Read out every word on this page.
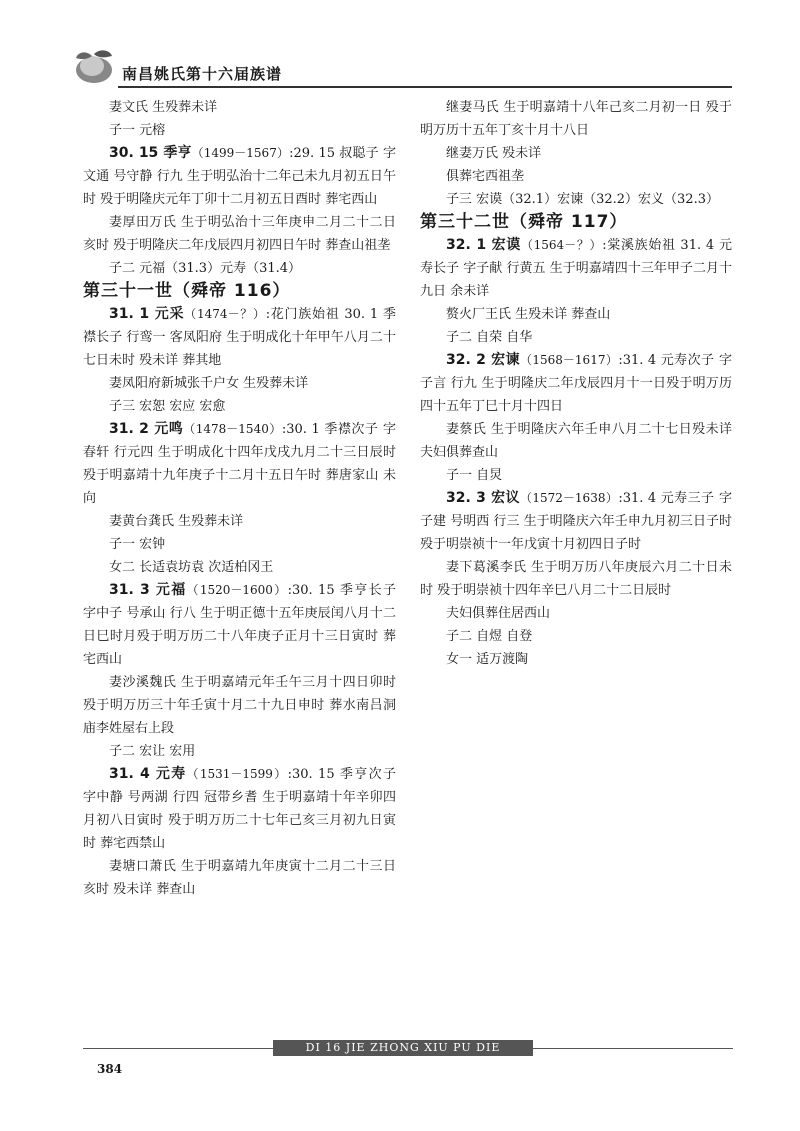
南昌姚氏第十六届族谱

妻文氏 生殁葬未详

子一 元榕

30. 15 季亨（1499－1567）:29. 15 叔聪子 字文通 号守静 行九 生于明弘治十二年己未九月初五日午时 殁于明隆庆元年丁卯十二月初五日酉时 葬宅西山

妻厚田万氏 生于明弘治十三年庚申二月二十二日亥时 殁于明隆庆二年戊辰四月初四日午时 葬查山祖垄

子二 元福（31.3）元寿（31.4）

第三十一世（舜帝 116）

31. 1 元采（1474－？）:花门族始祖 30. 1 季襟长子 行鸾一 客凤阳府 生于明成化十年甲午八月二十七日未时 殁未详 葬其地

妻凤阳府新城张千户女 生殁葬未详

子三 宏恕 宏应 宏愈

31. 2 元鸣（1478－1540）:30. 1 季襟次子 字春轩 行元四 生于明成化十四年戊戌九月二十三日辰时 殁于明嘉靖十九年庚子十二月十五日午时 葬唐家山 未向

妻黄台龚氏 生殁葬未详

子一 宏钟

女二 长适袁坊袁 次适柏冈王

31. 3 元福（1520－1600）:30. 15 季亨长子 字中子 号承山 行八 生于明正德十五年庚辰闰八月十二日巳时月殁于明万历二十八年庚子正月十三日寅时 葬宅西山

妻沙溪魏氏 生于明嘉靖元年壬午三月十四日卯时 殁于明万历三十年壬寅十月二十九日申时 葬水南吕洞庙李姓屋右上段

子二 宏让 宏用

31. 4 元寿（1531－1599）:30. 15 季亨次子 字中静 号两湖 行四 冠带乡耆 生于明嘉靖十年辛卯四月初八日寅时 殁于明万历二十七年己亥三月初九日寅时 葬宅西禁山

妻塘口萧氏 生于明嘉靖九年庚寅十二月二十三日亥时 殁未详 葬查山

继妻马氏 生于明嘉靖十八年己亥二月初一日 殁于明万历十五年丁亥十月十八日

继妻万氏 殁未详

俱葬宅西祖垄

子三 宏谟（32.1）宏谏（32.2）宏义（32.3）

第三十二世（舜帝 117）

32. 1 宏谟（1564－？）:棠溪族始祖 31. 4 元寿长子 字子献 行黄五 生于明嘉靖四十三年甲子二月十九日 余未详

赘火厂王氏 生殁未详 葬查山

子二 自荣 自华

32. 2 宏谏（1568－1617）:31. 4 元寿次子 字子言 行九 生于明隆庆二年戊辰四月十一日殁于明万历四十五年丁巳十月十四日

妻蔡氏 生于明隆庆六年壬申八月二十七日殁未详 夫妇俱葬查山

子一 自炅

32. 3 宏议（1572－1638）:31. 4 元寿三子 字子建 号明西 行三 生于明隆庆六年壬申九月初三日子时 殁于明崇祯十一年戊寅十月初四日子时

妻下葛溪李氏 生于明万历八年庚辰六月二十日未时 殁于明崇祯十四年辛巳八月二十二日辰时

夫妇俱葬住居西山

子二 自煜 自登

女一 适万渡陶

DI 16 JIE ZHONG XIU PU DIE
384
